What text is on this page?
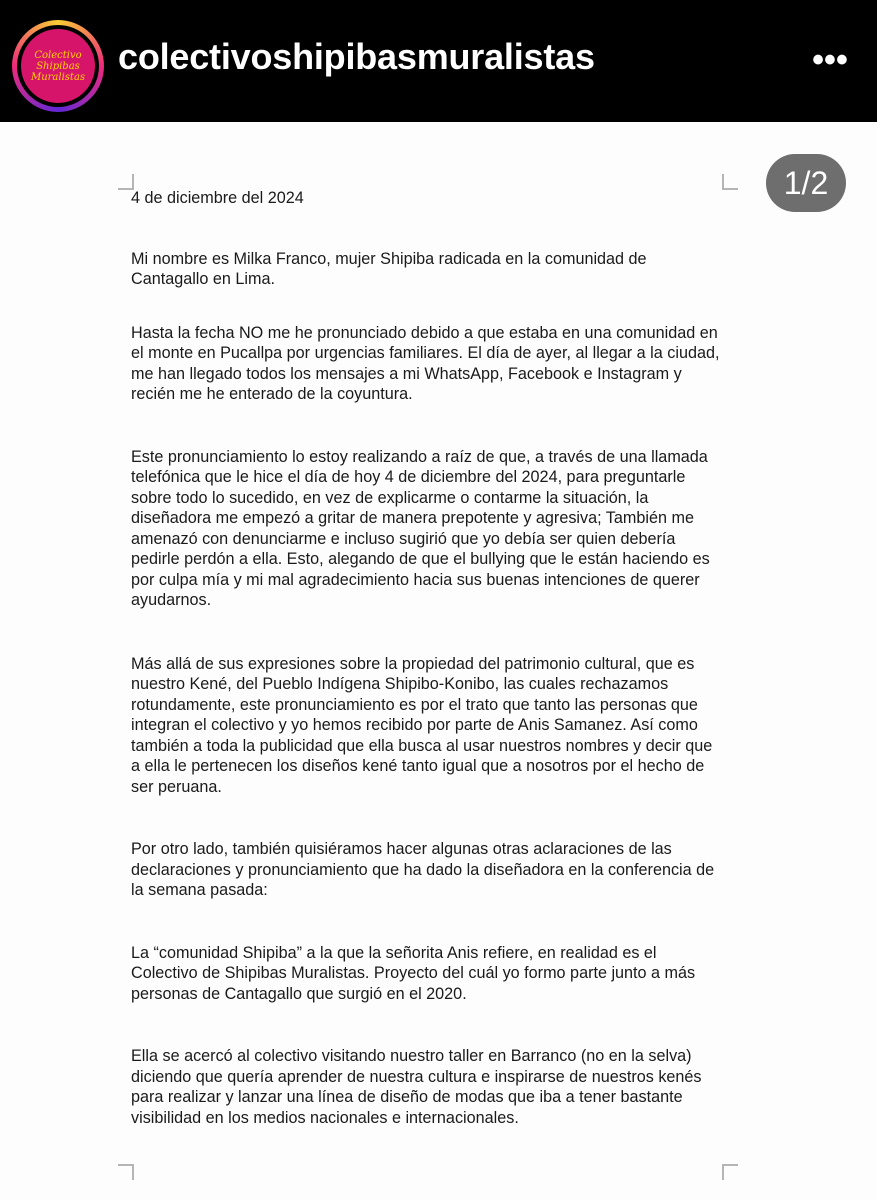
Colectivo
Shipibas
Muralistas colectivoshipibasmuralistas	•••
1/2

4 de diciembre del 2024

Mi nombre es Milka Franco, mujer Shipiba radicada en la comunidad de Cantagallo en Lima.

Hasta la fecha NO me he pronunciado debido a que estaba en una comunidad en el monte en Pucallpa por urgencias familiares. El día de ayer, al llegar a la ciudad, me han llegado todos los mensajes a mi WhatsApp, Facebook e Instagram y recién me he enterado de la coyuntura.

Este pronunciamiento lo estoy realizando a raíz de que, a través de una llamada telefónica que le hice el día de hoy 4 de diciembre del 2024, para preguntarle sobre todo lo sucedido, en vez de explicarme o contarme la situación, la diseñadora me empezó a gritar de manera prepotente y agresiva; También me amenazó con denunciarme e incluso sugirió que yo debía ser quien debería pedirle perdón a ella. Esto, alegando de que el bullying que le están haciendo es por culpa mía y mi mal agradecimiento hacia sus buenas intenciones de querer ayudarnos.

Más allá de sus expresiones sobre la propiedad del patrimonio cultural, que es nuestro Kené, del Pueblo Indígena Shipibo-Konibo, las cuales rechazamos rotundamente, este pronunciamiento es por el trato que tanto las personas que integran el colectivo y yo hemos recibido por parte de Anis Samanez. Así como también a toda la publicidad que ella busca al usar nuestros nombres y decir que a ella le pertenecen los diseños kené tanto igual que a nosotros por el hecho de ser peruana.

Por otro lado, también quisiéramos hacer algunas otras aclaraciones de las declaraciones y pronunciamiento que ha dado la diseñadora en la conferencia de la semana pasada:

La “comunidad Shipiba” a la que la señorita Anis refiere, en realidad es el Colectivo de Shipibas Muralistas. Proyecto del cuál yo formo parte junto a más personas de Cantagallo que surgió en el 2020.

Ella se acercó al colectivo visitando nuestro taller en Barranco (no en la selva) diciendo que quería aprender de nuestra cultura e inspirarse de nuestros kenés para realizar y lanzar una línea de diseño de modas que iba a tener bastante visibilidad en los medios nacionales e internacionales.
